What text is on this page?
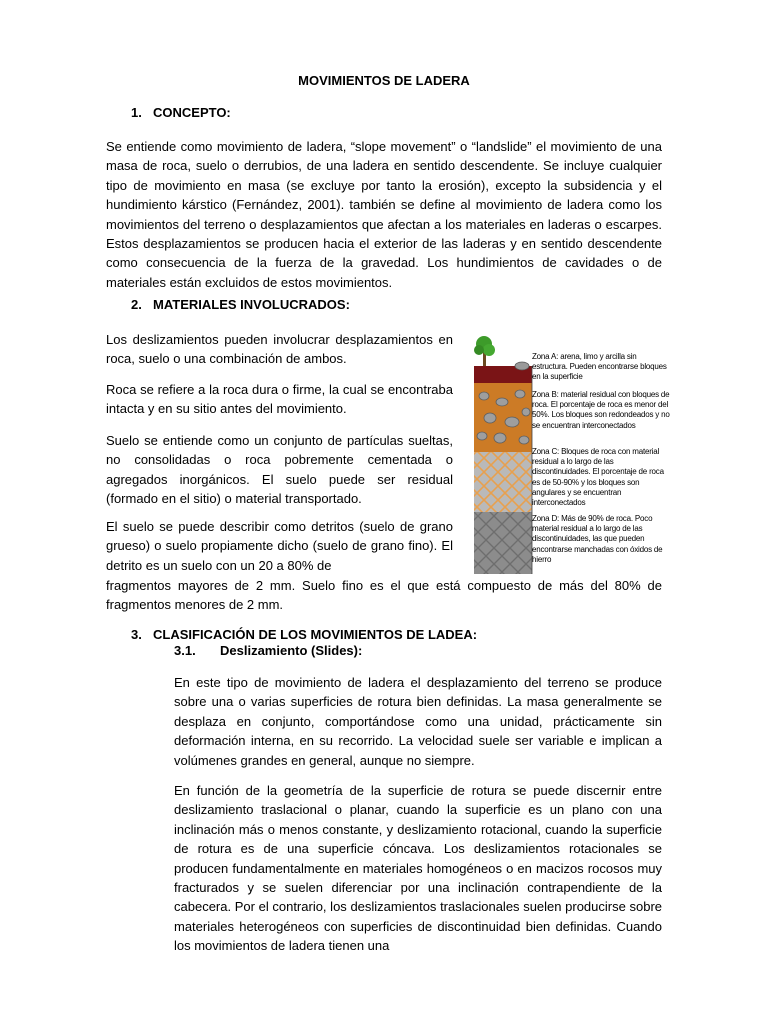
MOVIMIENTOS DE LADERA
1. CONCEPTO:

Se entiende como movimiento de ladera, “slope movement” o “landslide” el movimiento de una masa de roca, suelo o derrubios, de una ladera en sentido descendente. Se incluye cualquier tipo de movimiento en masa (se excluye por tanto la erosión), excepto la subsidencia y el hundimiento kárstico (Fernández, 2001). también se define al movimiento de ladera como los movimientos del terreno o desplazamientos que afectan a los materiales en laderas o escarpes. Estos desplazamientos se producen hacia el exterior de las laderas y en sentido descendente como consecuencia de la fuerza de la gravedad. Los hundimientos de cavidades o de materiales están excluidos de estos movimientos.

2. MATERIALES INVOLUCRADOS:

Los deslizamientos pueden involucrar desplazamientos en roca, suelo o una combinación de ambos.

Roca se refiere a la roca dura o firme, la cual se encontraba intacta y en su sitio antes del movimiento.

Suelo se entiende como un conjunto de partículas sueltas, no consolidadas o roca pobremente cementada o agregados inorgánicos. El suelo puede ser residual (formado en el sitio) o material transportado.

El suelo se puede describir como detritos (suelo de grano grueso) o suelo propiamente dicho (suelo de grano fino). El detrito es un suelo con un 20 a 80% de

fragmentos mayores de 2 mm. Suelo fino es el que está compuesto de más del 80% de fragmentos menores de 2 mm.

Zona A: arena, limo y arcilla sin estructura. Pueden encontrarse bloques en la superficie

Zona B: material residual con bloques de roca. El porcentaje de roca es menor del 50%. Los bloques son redondeados y no se encuentran interconectados

Zona C: Bloques de roca con material residual a lo largo de las discontinuidades. El porcentaje de roca es de 50-90% y los bloques son angulares y se encuentran interconectados

Zona D: Más de 90% de roca. Poco material residual a lo largo de las discontinuidades, las que pueden encontrarse manchadas con óxidos de hierro

3. CLASIFICACIÓN DE LOS MOVIMIENTOS DE LADEA:
3.1. Deslizamiento (Slides):

En este tipo de movimiento de ladera el desplazamiento del terreno se produce sobre una o varias superficies de rotura bien definidas. La masa generalmente se desplaza en conjunto, comportándose como una unidad, prácticamente sin deformación interna, en su recorrido. La velocidad suele ser variable e implican a volúmenes grandes en general, aunque no siempre.

En función de la geometría de la superficie de rotura se puede discernir entre deslizamiento traslacional o planar, cuando la superficie es un plano con una inclinación más o menos constante, y deslizamiento rotacional, cuando la superficie de rotura es de una superficie cóncava. Los deslizamientos rotacionales se producen fundamentalmente en materiales homogéneos o en macizos rocosos muy fracturados y se suelen diferenciar por una inclinación contrapendiente de la cabecera. Por el contrario, los deslizamientos traslacionales suelen producirse sobre materiales heterogéneos con superficies de discontinuidad bien definidas. Cuando los movimientos de ladera tienen una
